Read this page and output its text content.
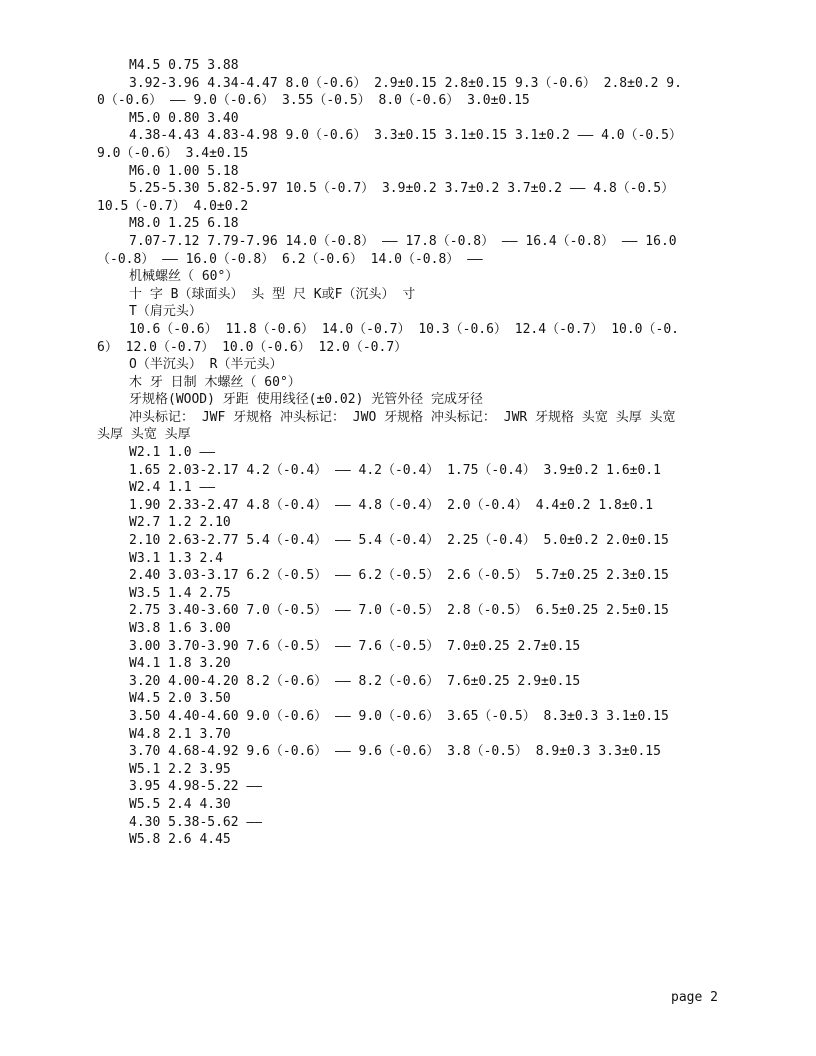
M4.5 0.75 3.88

3.92-3.96 4.34-4.47 8.0（-0.6） 2.9±0.15 2.8±0.15 9.3（-0.6） 2.8±0.2 9.0（-0.6） —— 9.0（-0.6） 3.55（-0.5） 8.0（-0.6） 3.0±0.15

M5.0 0.80 3.40

4.38-4.43 4.83-4.98 9.0（-0.6） 3.3±0.15 3.1±0.15 3.1±0.2 —— 4.0（-0.5） 9.0（-0.6） 3.4±0.15

M6.0 1.00 5.18

5.25-5.30 5.82-5.97 10.5（-0.7） 3.9±0.2 3.7±0.2 3.7±0.2 —— 4.8（-0.5） 10.5（-0.7） 4.0±0.2

M8.0 1.25 6.18

7.07-7.12 7.79-7.96 14.0（-0.8） —— 17.8（-0.8） —— 16.4（-0.8） —— 16.0（-0.8） —— 16.0（-0.8） 6.2（-0.6） 14.0（-0.8） ——

机械螺丝（ 60°）

十 字 B（球面头） 头 型 尺 K或F（沉头） 寸

T（肩元头）

10.6（-0.6） 11.8（-0.6） 14.0（-0.7） 10.3（-0.6） 12.4（-0.7） 10.0（-0.6） 12.0（-0.7） 10.0（-0.6） 12.0（-0.7）

O（半沉头） R（半元头）

木 牙 日制 木螺丝（ 60°）

牙规格(WOOD) 牙距 使用线径(±0.02) 光管外径 完成牙径

冲头标记： JWF 牙规格 冲头标记： JWO 牙规格 冲头标记： JWR 牙规格 头宽 头厚 头宽 头厚 头宽 头厚

W2.1 1.0 ——

1.65 2.03-2.17 4.2（-0.4） —— 4.2（-0.4） 1.75（-0.4） 3.9±0.2 1.6±0.1

W2.4 1.1 ——

1.90 2.33-2.47 4.8（-0.4） —— 4.8（-0.4） 2.0（-0.4） 4.4±0.2 1.8±0.1

W2.7 1.2 2.10

2.10 2.63-2.77 5.4（-0.4） —— 5.4（-0.4） 2.25（-0.4） 5.0±0.2 2.0±0.15

W3.1 1.3 2.4

2.40 3.03-3.17 6.2（-0.5） —— 6.2（-0.5） 2.6（-0.5） 5.7±0.25 2.3±0.15

W3.5 1.4 2.75

2.75 3.40-3.60 7.0（-0.5） —— 7.0（-0.5） 2.8（-0.5） 6.5±0.25 2.5±0.15

W3.8 1.6 3.00

3.00 3.70-3.90 7.6（-0.5） —— 7.6（-0.5） 7.0±0.25 2.7±0.15

W4.1 1.8 3.20

3.20 4.00-4.20 8.2（-0.6） —— 8.2（-0.6） 7.6±0.25 2.9±0.15

W4.5 2.0 3.50

3.50 4.40-4.60 9.0（-0.6） —— 9.0（-0.6） 3.65（-0.5） 8.3±0.3 3.1±0.15

W4.8 2.1 3.70

3.70 4.68-4.92 9.6（-0.6） —— 9.6（-0.6） 3.8（-0.5） 8.9±0.3 3.3±0.15

W5.1 2.2 3.95

3.95 4.98-5.22 ——

W5.5 2.4 4.30

4.30 5.38-5.62 ——

W5.8 2.6 4.45

page 2
